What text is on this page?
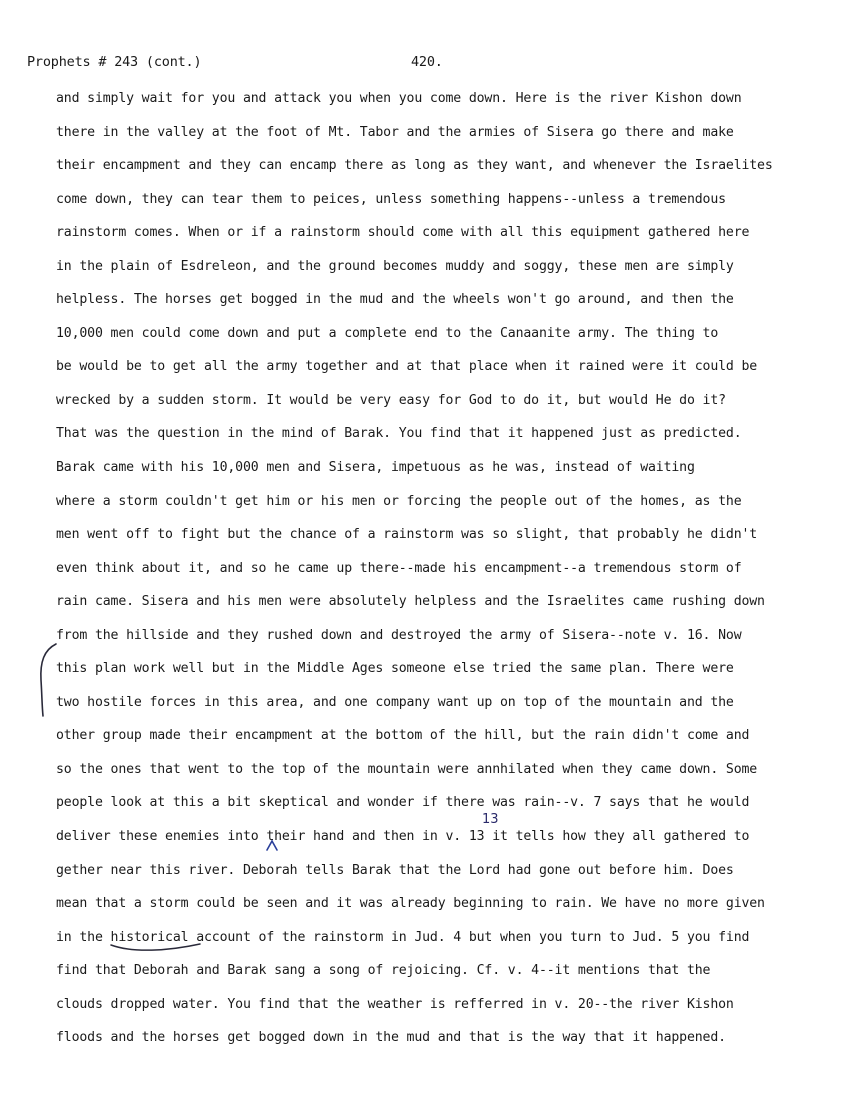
Prophets # 243 (cont.)	420.
and simply wait for you and attack you when you come down. Here is the river Kishon down
there in the valley at the foot of Mt. Tabor and the armies of Sisera go there and make
their encampment and they can encamp there as long as they want, and whenever the Israelites
come down, they can tear them to peices, unless something happens--unless a tremendous
rainstorm comes. When or if a rainstorm should come with all this equipment gathered here
in the plain of Esdreleon, and the ground becomes muddy and soggy, these men are simply
helpless. The horses get bogged in the mud and the wheels won't go around, and then the
10,000 men could come down and put a complete end to the Canaanite army. The thing to
be would be to get all the army together and at that place when it rained were it could be
wrecked by a sudden storm. It would be very easy for God to do it, but would He do it?
That was the question in the mind of Barak. You find that it happened just as predicted.
Barak came with his 10,000 men and Sisera, impetuous as he was, instead of waiting
where a storm couldn't get him or his men or forcing the people out of the homes, as the
men went off to fight but the chance of a rainstorm was so slight, that probably he didn't
even think about it, and so he came up there--made his encampment--a tremendous storm of
rain came. Sisera and his men were absolutely helpless and the Israelites came rushing down
from the hillside and they rushed down and destroyed the army of Sisera--note v. 16. Now
this plan work well but in the Middle Ages someone else tried the same plan. There were
two hostile forces in this area, and one company want up on top of the mountain and the
other group made their encampment at the bottom of the hill, but the rain didn't come and
so the ones that went to the top of the mountain were annhilated when they came down. Some
people look at this a bit skeptical and wonder if there was rain--v. 7 says that he would
deliver these enemies into their hand and then in v. 13 it tells how they all gathered to
gether near this river. Deborah tells Barak that the Lord had gone out before him. Does
mean that a storm could be seen and it was already beginning to rain. We have no more given
in the historical account of the rainstorm in Jud. 4 but when you turn to Jud. 5 you find
find that Deborah and Barak sang a song of rejoicing. Cf. v. 4--it mentions that the
clouds dropped water. You find that the weather is refferred in v. 20--the river Kishon
floods and the horses get bogged down in the mud and that is the way that it happened.
13
